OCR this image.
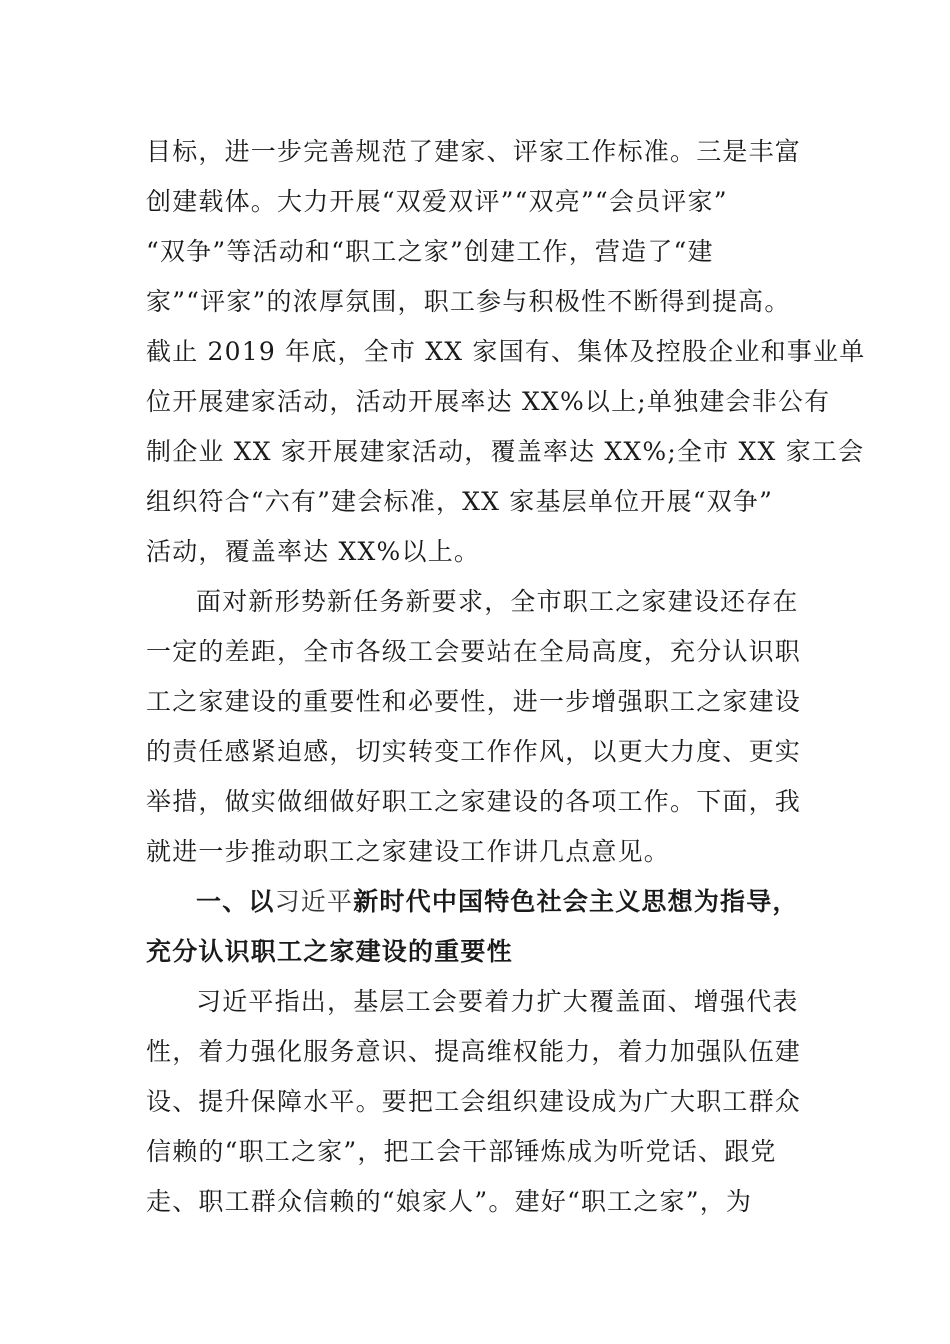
目标，进一步完善规范了建家、评家工作标准。三是丰富
创建载体。大力开展“双爱双评”“双亮”“会员评家”
“双争”等活动和“职工之家”创建工作，营造了“建
家”“评家”的浓厚氛围，职工参与积极性不断得到提高。
截止 2019 年底，全市 XX 家国有、集体及控股企业和事业单
位开展建家活动，活动开展率达 XX%以上;单独建会非公有
制企业 XX 家开展建家活动，覆盖率达 XX%;全市 XX 家工会
组织符合“六有”建会标准，XX 家基层单位开展“双争”
活动，覆盖率达 XX%以上。
面对新形势新任务新要求，全市职工之家建设还存在
一定的差距，全市各级工会要站在全局高度，充分认识职
工之家建设的重要性和必要性，进一步增强职工之家建设
的责任感紧迫感，切实转变工作作风，以更大力度、更实
举措，做实做细做好职工之家建设的各项工作。下面，我
就进一步推动职工之家建设工作讲几点意见。
一、以习近平新时代中国特色社会主义思想为指导，
充分认识职工之家建设的重要性
习近平指出，基层工会要着力扩大覆盖面、增强代表
性，着力强化服务意识、提高维权能力，着力加强队伍建
设、提升保障水平。要把工会组织建设成为广大职工群众
信赖的“职工之家”，把工会干部锤炼成为听党话、跟党
走、职工群众信赖的“娘家人”。建好“职工之家”，为
